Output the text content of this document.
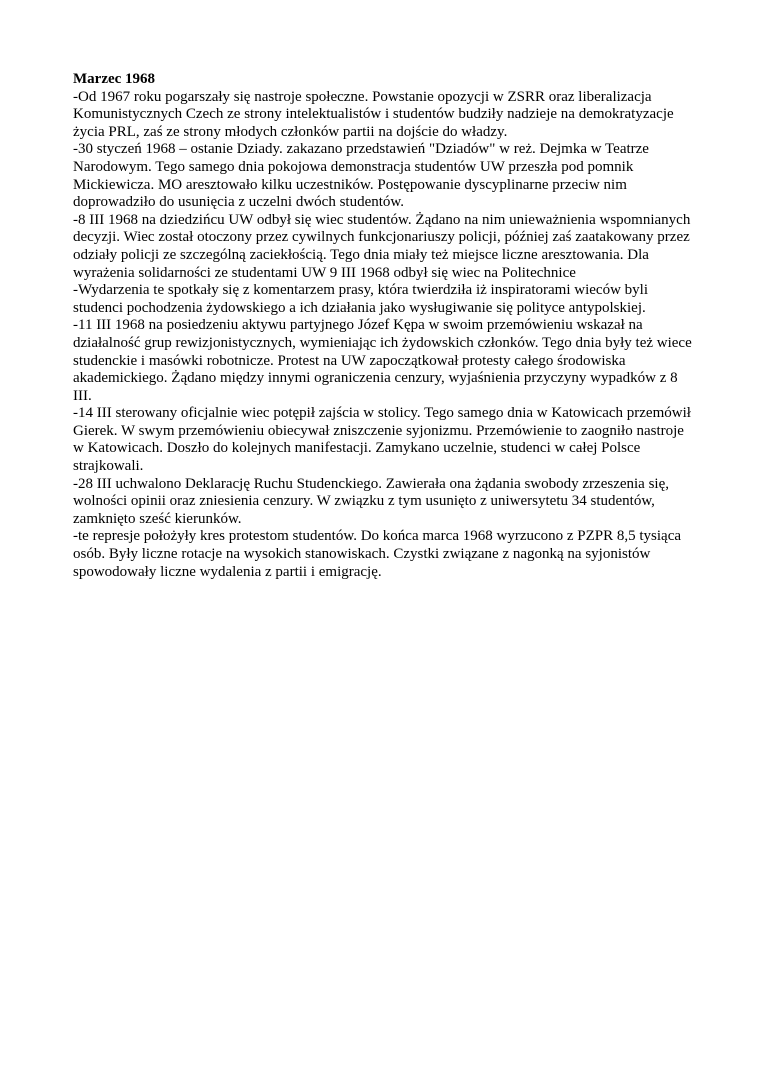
Marzec 1968

-Od 1967 roku pogarszały się nastroje społeczne. Powstanie opozycji w ZSRR oraz liberalizacja Komunistycznych Czech ze strony intelektualistów i studentów budziły nadzieje na demokratyzacje życia PRL, zaś ze strony młodych członków partii na dojście do władzy.

-30 styczeń 1968 – ostanie Dziady. zakazano przedstawień "Dziadów" w reż. Dejmka w Teatrze Narodowym. Tego samego dnia pokojowa demonstracja studentów UW przeszła pod pomnik Mickiewicza. MO aresztowało kilku uczestników. Postępowanie dyscyplinarne przeciw nim doprowadziło do usunięcia z uczelni dwóch studentów.

-8 III 1968 na dziedzińcu UW odbył się wiec studentów. Żądano na nim unieważnienia wspomnianych decyzji. Wiec został otoczony przez cywilnych funkcjonariuszy policji, później zaś zaatakowany przez odziały policji ze szczególną zaciekłością. Tego dnia miały też miejsce liczne aresztowania. Dla wyrażenia solidarności ze studentami UW 9 III 1968 odbył się wiec na Politechnice

-Wydarzenia te spotkały się z komentarzem prasy, która twierdziła iż inspiratorami wieców byli studenci pochodzenia żydowskiego a ich działania jako wysługiwanie się polityce antypolskiej.

-11 III 1968 na posiedzeniu aktywu partyjnego Józef Kępa w swoim przemówieniu wskazał na działalność grup rewizjonistycznych, wymieniając ich żydowskich członków. Tego dnia były też wiece studenckie i masówki robotnicze. Protest na UW zapoczątkował protesty całego środowiska akademickiego. Żądano między innymi ograniczenia cenzury, wyjaśnienia przyczyny wypadków z 8 III.

-14 III sterowany oficjalnie wiec potępił zajścia w stolicy. Tego samego dnia w Katowicach przemówił Gierek. W swym przemówieniu obiecywał zniszczenie syjonizmu. Przemówienie to zaogniło nastroje w Katowicach. Doszło do kolejnych manifestacji. Zamykano uczelnie, studenci w całej Polsce strajkowali.

-28 III uchwalono Deklarację Ruchu Studenckiego. Zawierała ona żądania swobody zrzeszenia się, wolności opinii oraz zniesienia cenzury. W związku z tym usunięto z uniwersytetu 34 studentów, zamknięto sześć kierunków.

-te represje położyły kres protestom studentów. Do końca marca 1968 wyrzucono z PZPR 8,5 tysiąca osób. Były liczne rotacje na wysokich stanowiskach. Czystki związane z nagonką na syjonistów spowodowały liczne wydalenia z partii i emigrację.
